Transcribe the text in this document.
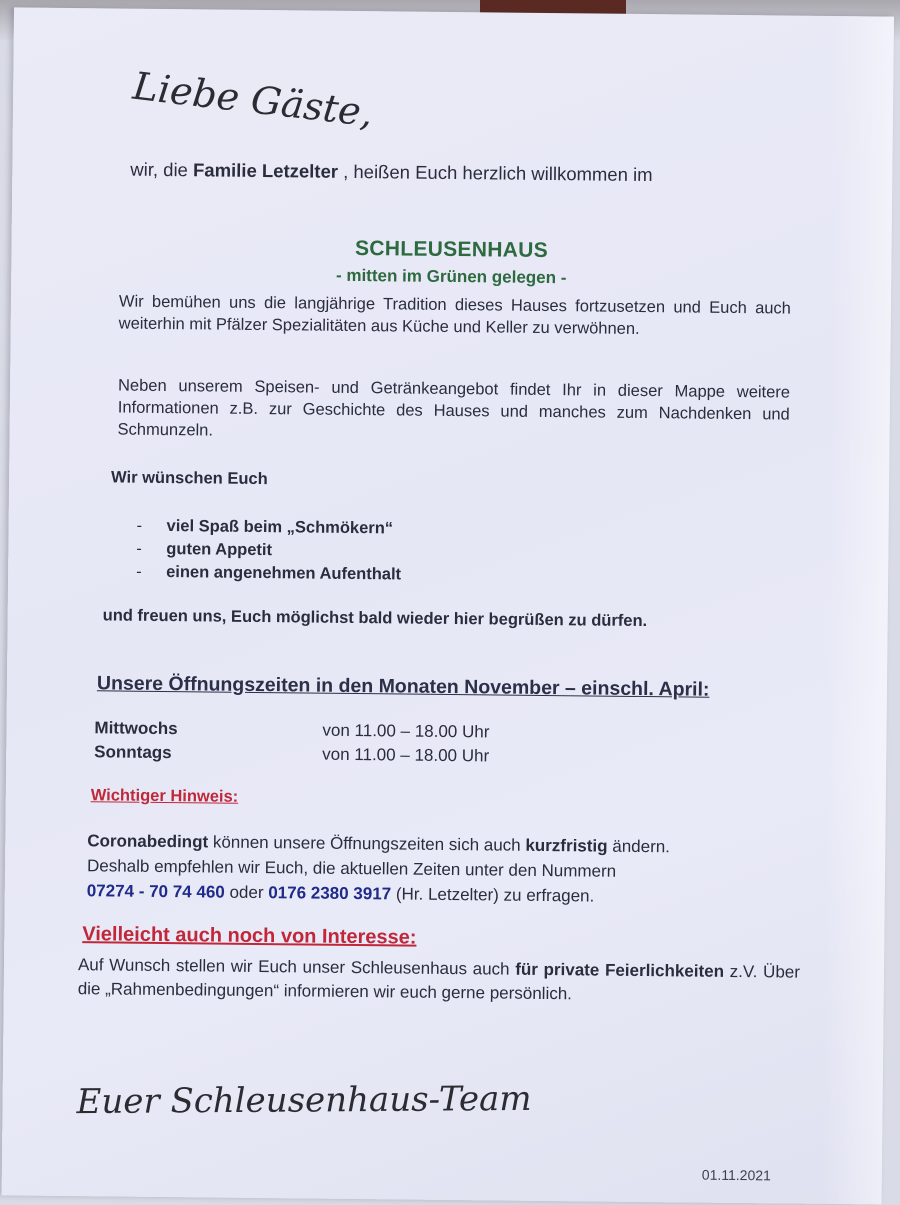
Liebe Gäste,
wir, die Familie Letzelter , heißen Euch herzlich willkommen im
SCHLEUSENHAUS
- mitten im Grünen gelegen -

Wir bemühen uns die langjährige Tradition dieses Hauses fortzusetzen und Euch auch weiterhin mit Pfälzer Spezialitäten aus Küche und Keller zu verwöhnen.

Neben unserem Speisen- und Getränkeangebot findet Ihr in dieser Mappe weitere Informationen z.B. zur Geschichte des Hauses und manches zum Nachdenken und Schmunzeln.

Wir wünschen Euch
-	viel Spaß beim „Schmökern“
-	guten Appetit
-	einen angenehmen Aufenthalt
und freuen uns, Euch möglichst bald wieder hier begrüßen zu dürfen.
Unsere Öffnungszeiten in den Monaten November – einschl. April:
Mittwochs	von 11.00 – 18.00 Uhr
Sonntags	von 11.00 – 18.00 Uhr
Wichtiger Hinweis:
Coronabedingt können unsere Öffnungszeiten sich auch kurzfristig ändern.
Deshalb empfehlen wir Euch, die aktuellen Zeiten unter den Nummern
07274 - 70 74 460 oder 0176 2380 3917 (Hr. Letzelter) zu erfragen.
Vielleicht auch noch von Interesse:

Auf Wunsch stellen wir Euch unser Schleusenhaus auch für private Feierlichkeiten z.V. Über die „Rahmenbedingungen“ informieren wir euch gerne persönlich.

Euer Schleusenhaus-Team
01.11.2021
